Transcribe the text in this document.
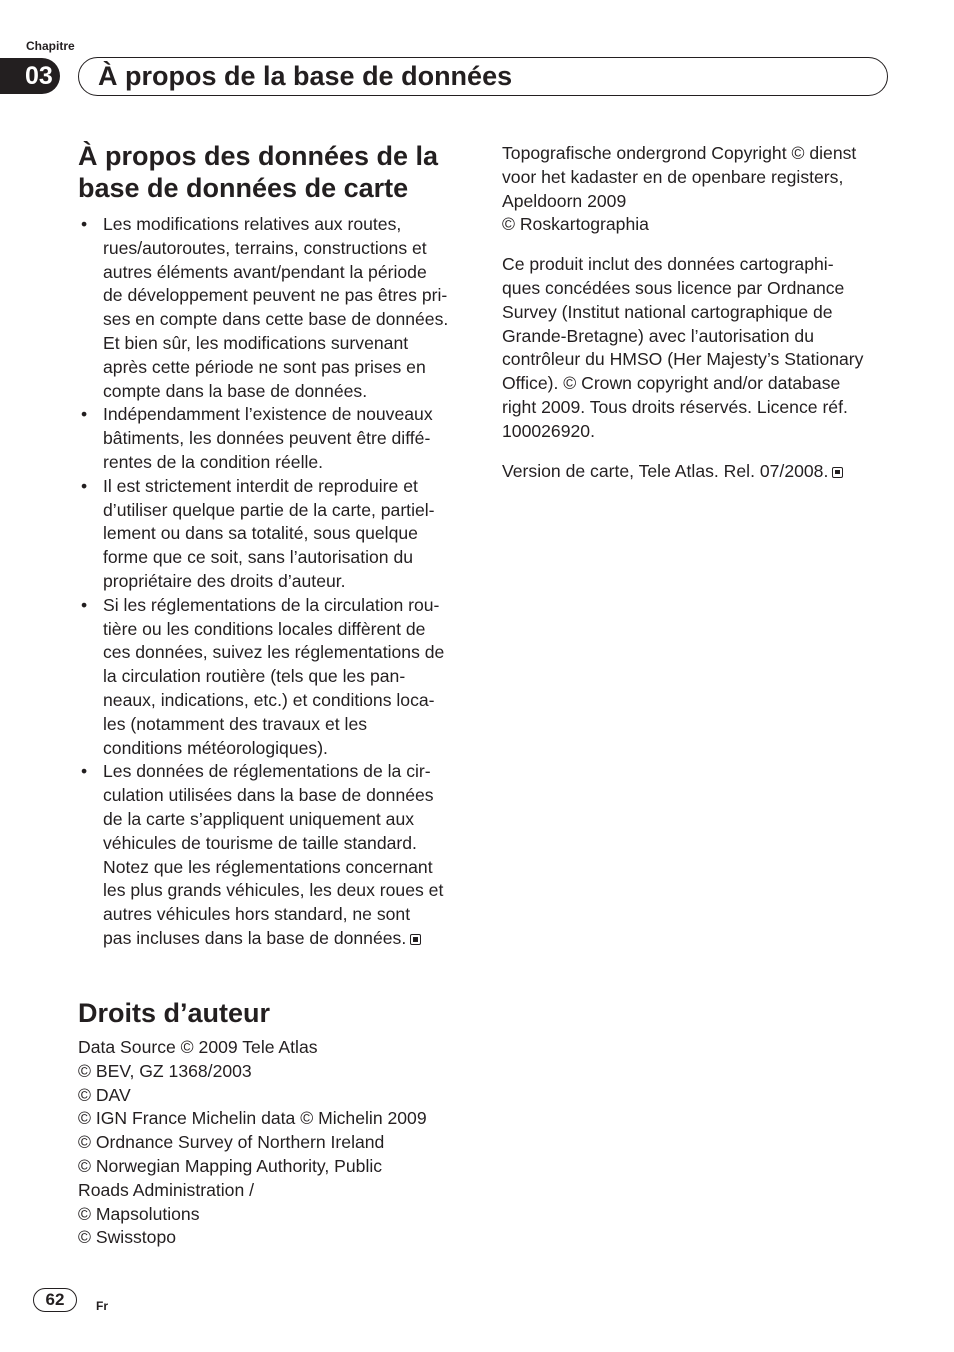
Chapitre
03 À propos de la base de données
À propos des données de la
base de données de carte
• Les modifications relatives aux routes,
rues/autoroutes, terrains, constructions et
autres éléments avant/pendant la période
de développement peuvent ne pas êtres pri-
ses en compte dans cette base de données.
Et bien sûr, les modifications survenant
après cette période ne sont pas prises en
compte dans la base de données.
• Indépendamment l’existence de nouveaux
bâtiments, les données peuvent être diffé-
rentes de la condition réelle.
• Il est strictement interdit de reproduire et
d’utiliser quelque partie de la carte, partiel-
lement ou dans sa totalité, sous quelque
forme que ce soit, sans l’autorisation du
propriétaire des droits d’auteur.
• Si les réglementations de la circulation rou-
tière ou les conditions locales diffèrent de
ces données, suivez les réglementations de
la circulation routière (tels que les pan-
neaux, indications, etc.) et conditions loca-
les (notamment des travaux et les
conditions météorologiques).
• Les données de réglementations de la cir-
culation utilisées dans la base de données
de la carte s’appliquent uniquement aux
véhicules de tourisme de taille standard.
Notez que les réglementations concernant
les plus grands véhicules, les deux roues et
autres véhicules hors standard, ne sont
pas incluses dans la base de données.
Droits d’auteur
Data Source © 2009 Tele Atlas
© BEV, GZ 1368/2003
© DAV
© IGN France Michelin data © Michelin 2009
© Ordnance Survey of Northern Ireland
© Norwegian Mapping Authority, Public
Roads Administration /
© Mapsolutions
© Swisstopo

Topografische ondergrond Copyright © dienst
voor het kadaster en de openbare registers,
Apeldoorn 2009
© Roskartographia

Ce produit inclut des données cartographi-
ques concédées sous licence par Ordnance
Survey (Institut national cartographique de
Grande-Bretagne) avec l’autorisation du
contrôleur du HMSO (Her Majesty’s Stationary
Office). © Crown copyright and/or database
right 2009. Tous droits réservés. Licence réf.
100026920.

Version de carte, Tele Atlas. Rel. 07/2008.

62	Fr
